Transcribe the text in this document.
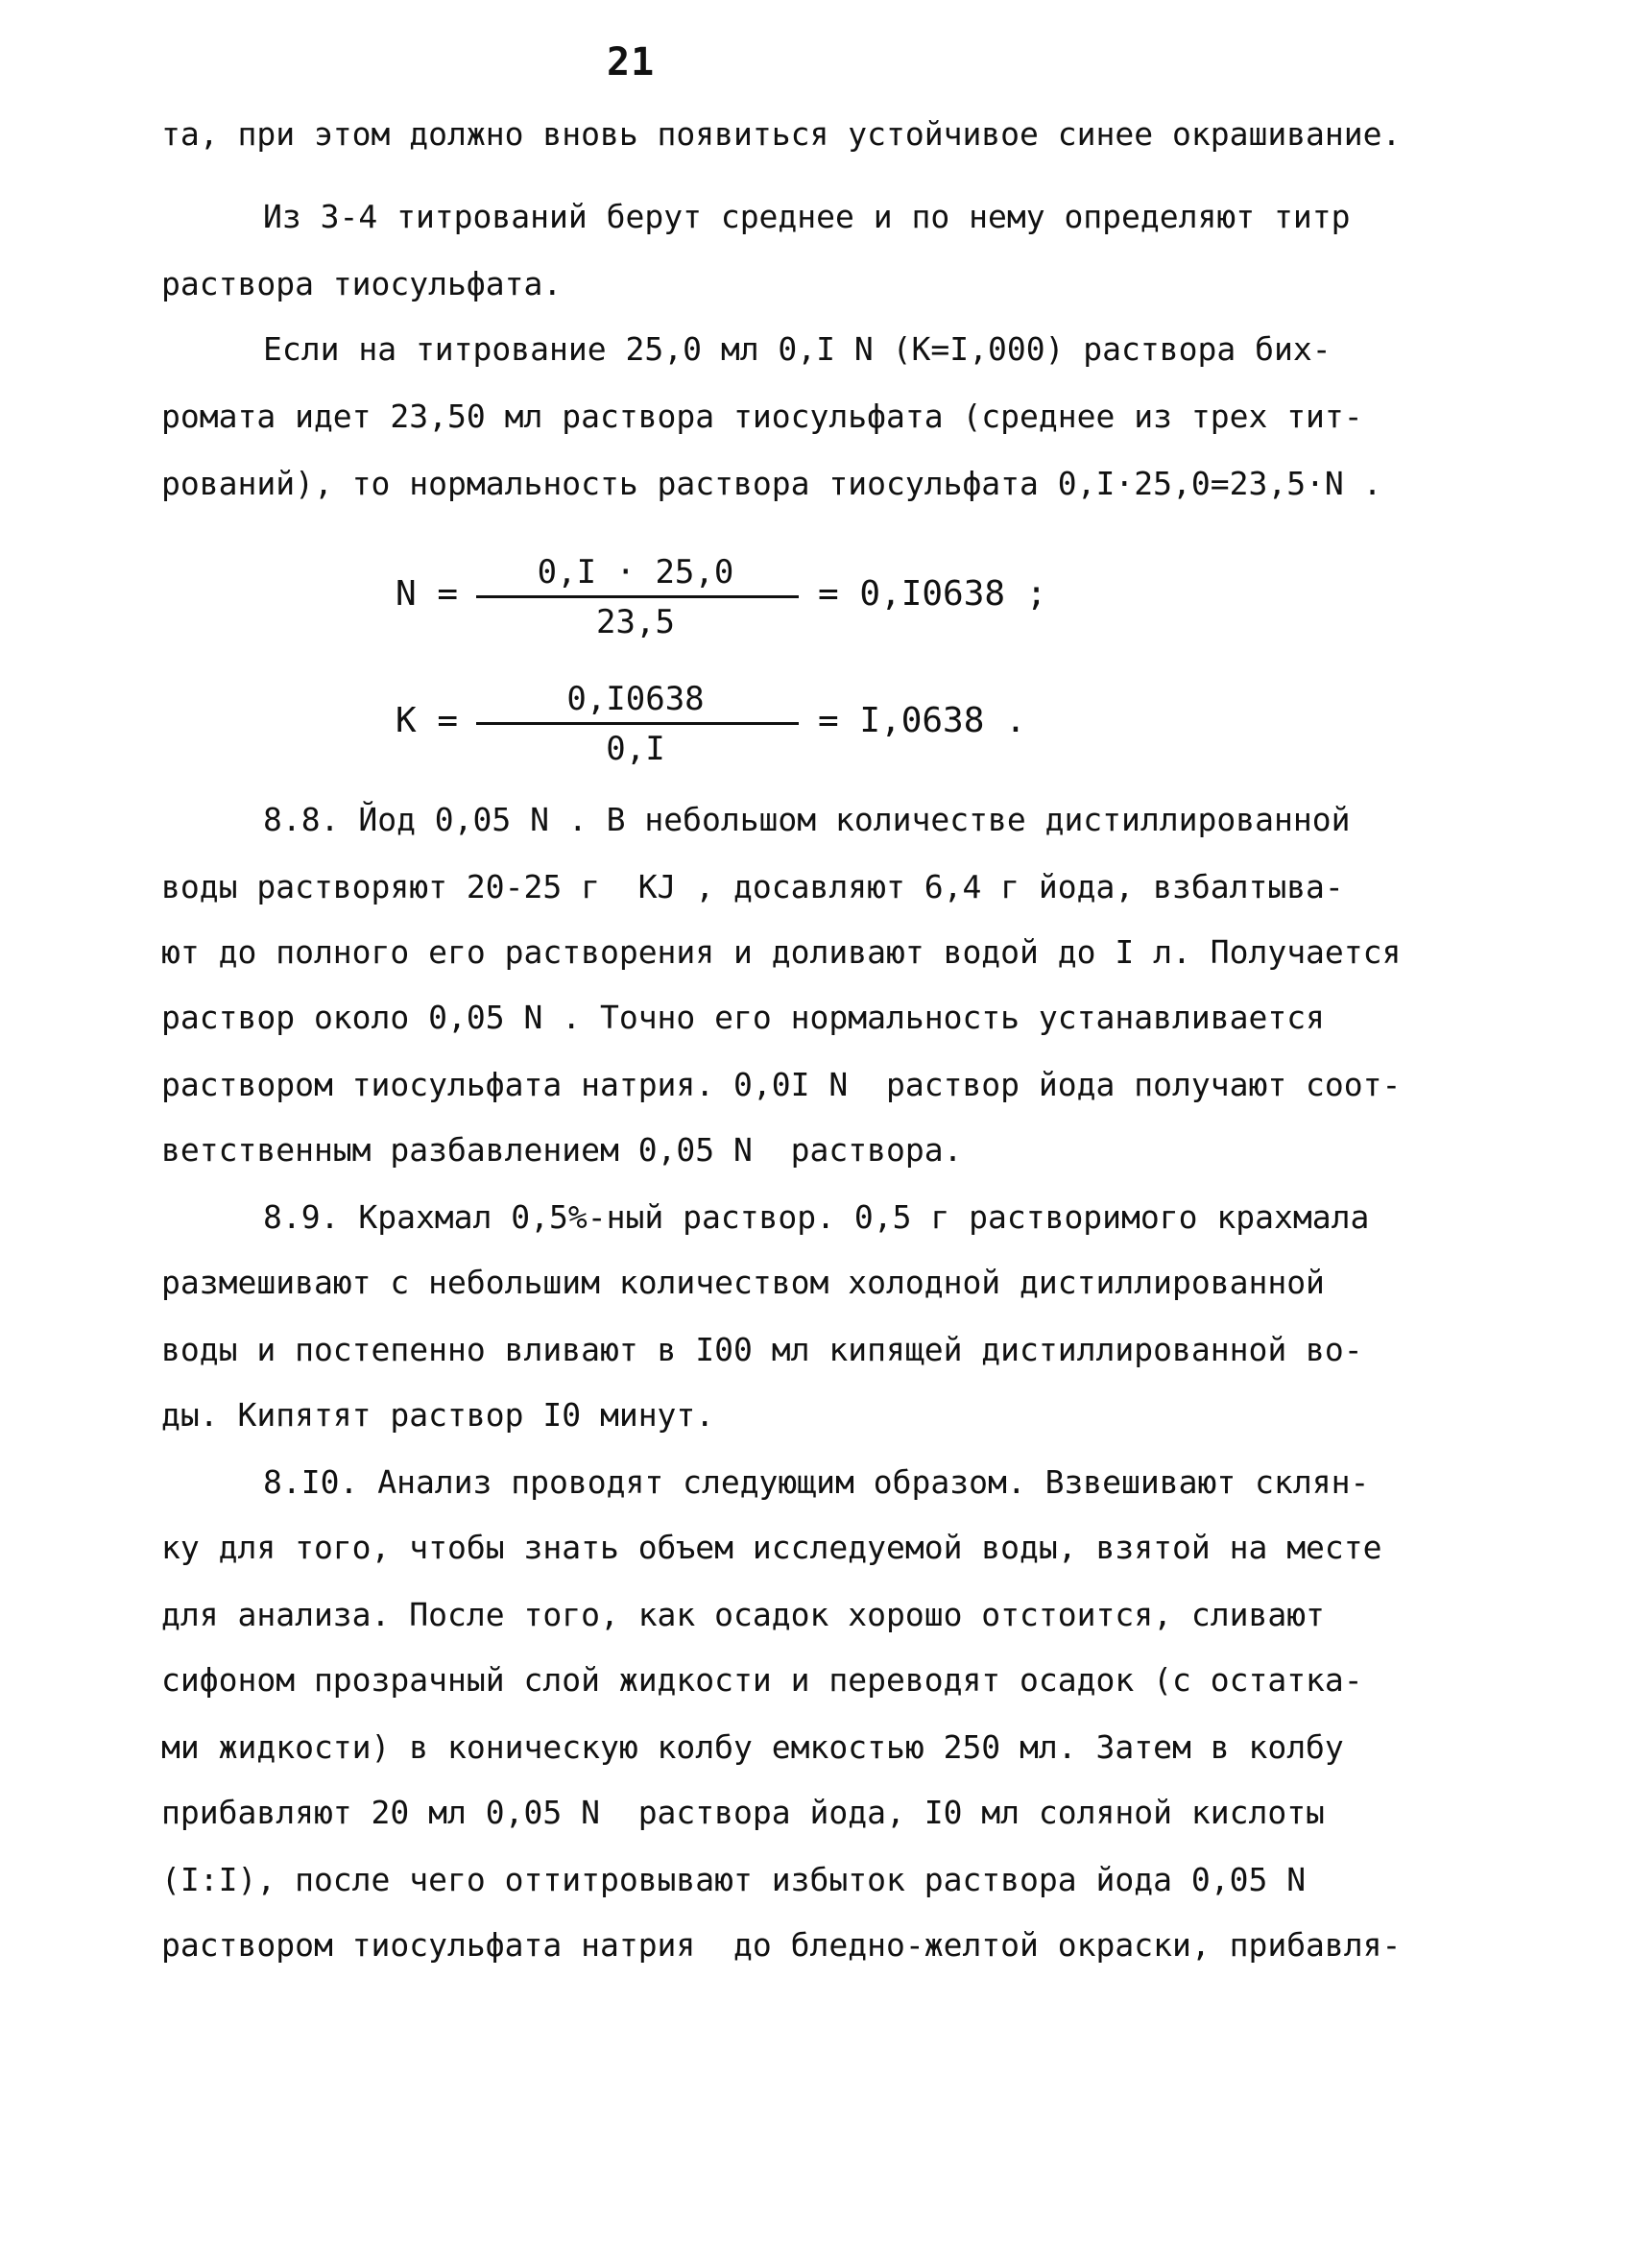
21

та, при этом должно вновь появиться устойчивое синее окрашивание.

Из 3-4 титрований берут среднее и по нему определяют титр

раствора тиосульфата.

Если на титрование 25,0 мл 0,I N (K=I,000) раствора бих-

ромата идет 23,50 мл раствора тиосульфата (среднее из трех тит-

рований), то нормальность раствора тиосульфата 0,I·25,0=23,5·N .

N =
0,I · 25,0
23,5
= 0,I0638 ;
K =
0,I0638
0,I
= I,0638 .

8.8. Йод 0,05 N . В небольшом количестве дистиллированной

воды растворяют 20-25 г  KJ , досавляют 6,4 г йода, взбалтыва-

ют до полного его растворения и доливают водой до I л. Получается

раствор около 0,05 N . Точно его нормальность устанавливается

раствором тиосульфата натрия. 0,0I N  раствор йода получают соот-

ветственным разбавлением 0,05 N  раствора.

8.9. Крахмал 0,5%-ный раствор. 0,5 г растворимого крахмала

размешивают с небольшим количеством холодной дистиллированной

воды и постепенно вливают в I00 мл кипящей дистиллированной во-

ды. Кипятят раствор I0 минут.

8.I0. Анализ проводят следующим образом. Взвешивают склян-

ку для того, чтобы знать объем исследуемой воды, взятой на месте

для анализа. После того, как осадок хорошо отстоится, сливают

сифоном прозрачный слой жидкости и переводят осадок (с остатка-

ми жидкости) в коническую колбу емкостью 250 мл. Затем в колбу

прибавляют 20 мл 0,05 N  раствора йода, I0 мл соляной кислоты

(I:I), после чего оттитровывают избыток раствора йода 0,05 N

раствором тиосульфата натрия  до бледно-желтой окраски, прибавля-
